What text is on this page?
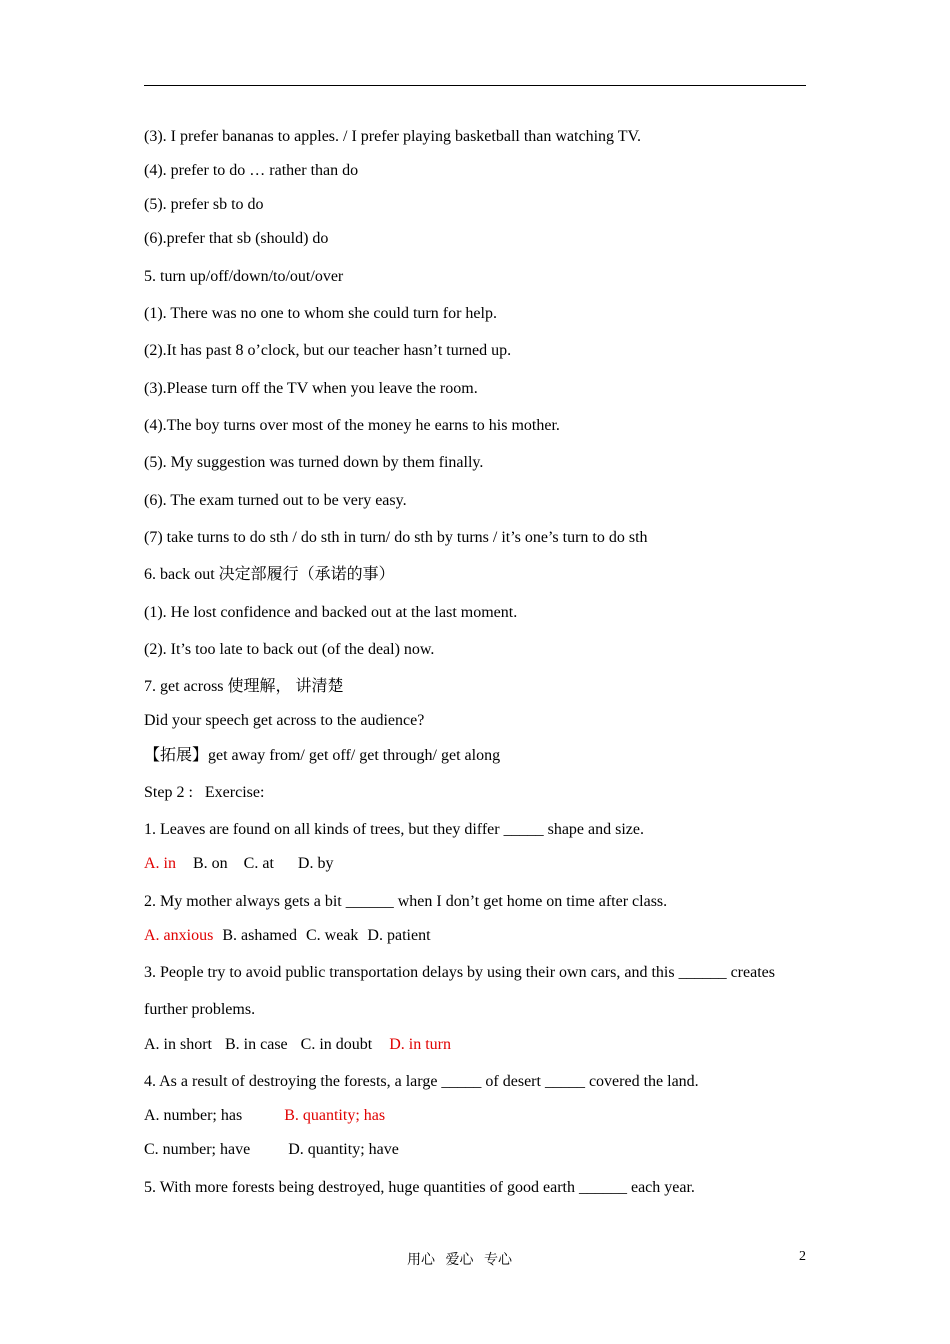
(3). I prefer bananas to apples. / I prefer playing basketball than watching TV.
(4). prefer to do … rather than do
(5). prefer sb to do
(6).prefer that sb (should) do
5. turn up/off/down/to/out/over
(1). There was no one to whom she could turn for help.
(2).It has past 8 o’clock, but our teacher hasn’t turned up.
(3).Please turn off the TV when you leave the room.
(4).The boy turns over most of the money he earns to his mother.
(5). My suggestion was turned down by them finally.
(6). The exam turned out to be very easy.
(7) take turns to do sth / do sth in turn/ do sth by turns / it’s one’s turn to do sth
6. back out 决定部履行（承诺的事）
(1). He lost confidence and backed out at the last moment.
(2). It’s too late to back out (of the deal) now.
7. get across 使理解， 讲清楚
Did your speech get across to the audience?
【拓展】get away from/ get off/ get through/ get along
Step 2 :   Exercise:
1. Leaves are found on all kinds of trees, but they differ _____ shape and size.
A. in B. on C. at D. by
2. My mother always gets a bit ______ when I don’t get home on time after class.
A. anxious B. ashamed C. weak D. patient
3. People try to avoid public transportation delays by using their own cars, and this ______ creates
further problems.
A. in short B. in case C. in doubt D. in turn
4. As a result of destroying the forests, a large _____ of desert _____ covered the land.
A. number; has	B. quantity; has
C. number; have D. quantity; have
5. With more forests being destroyed, huge quantities of good earth ______ each year.
用心   爱心   专心	2
